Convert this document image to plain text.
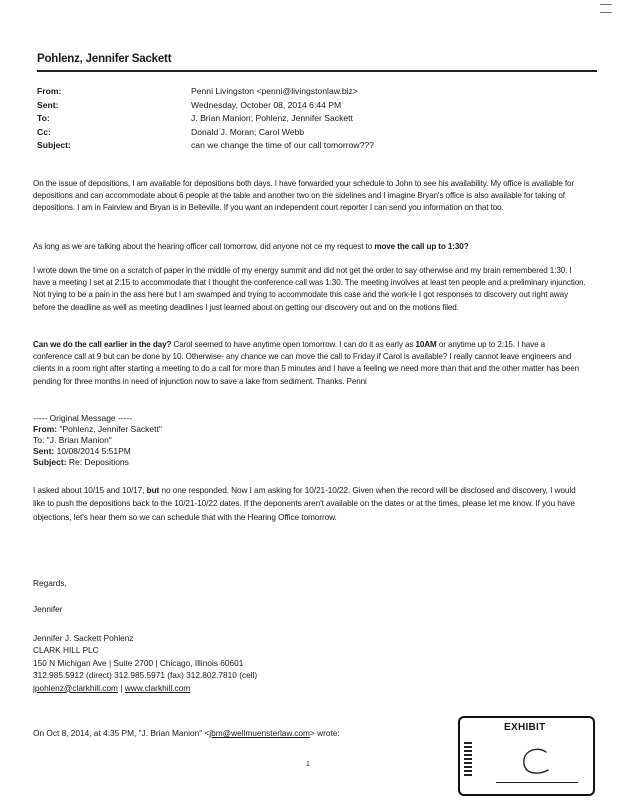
Pohlenz, Jennifer Sackett
From:	Penni Livingston <penni@livingstonlaw.biz>
Sent:	Wednesday, October 08, 2014 6:44 PM
To:	J. Brian Manion; Pohlenz, Jennifer Sackett
Cc:	Donald J. Moran; Carol Webb
Subject:	can we change the time of our call tomorrow???
On the issue of depositions, I am available for depositions both days. I have forwarded your schedule to John to see his availability. My office is available for depositions and can accommodate about 6 people at the table and another two on the sidelines and I imagine Bryan's office is also available for taking of depositions. I am in Fairview and Bryan is in Belleville. If you want an independent court reporter I can send you information on that too.
As long as we are talking about the hearing officer call tomorrow, did anyone not ce my request to move the call up to 1:30?
I wrote down the time on a scratch of paper in the middle of my energy summit and did not get the order to say otherwise and my brain remembered 1:30. I have a meeting I set at 2:15 to accommodate that I thought the conference call was 1:30. The meeting involves at least ten people and a preliminary injunction. Not trying to be a pain in the ass here but I am swamped and trying to accommodate this case and the work-le I got responses to discovery out right away before the deadline as well as meeting deadlines I just learned about on getting our discovery out and on the motions filed.
Can we do the call earlier in the day? Carol seemed to have anytime open tomorrow. I can do it as early as 10AM or anytime up to 2:15. I have a conference call at 9 but can be done by 10. Otherwise- any chance we can move the call to Friday if Carol is available? I really cannot leave engineers and clients in a room right after starting a meeting to do a call for more than 5 minutes and I have a feeling we need more than that and the other matter has been pending for three months in need of injunction now to save a lake from sediment. Thanks. Penni
----- Original Message -----
From: "Pohlenz, Jennifer Sackett"
To: "J. Brian Manion"
Sent: 10/08/2014 5:51PM
Subject: Re: Depositions
I asked about 10/15 and 10/17, but no one responded. Now I am asking for 10/21-10/22. Given when the record will be disclosed and discovery, I would like to push the depositions back to the 10/21-10/22 dates. If the deponents aren't available on the dates or at the times, please let me know. If you have objections, let's hear them so we can schedule that with the Hearing Office tomorrow.
Regards,
Jennifer
Jennifer J. Sackett Pohlenz
CLARK HILL PLC
150 N Michigan Ave | Suite 2700 | Chicago, Illinois 60601
312.985.5912 (direct) 312.985.5971 (fax) 312.802.7810 (cell)
jpohlenz@clarkhill.com | www.clarkhill.com
On Oct 8, 2014, at 4:35 PM, "J. Brian Manion" <jbm@wellmuensterlaw.com> wrote:
1
EXHIBIT
